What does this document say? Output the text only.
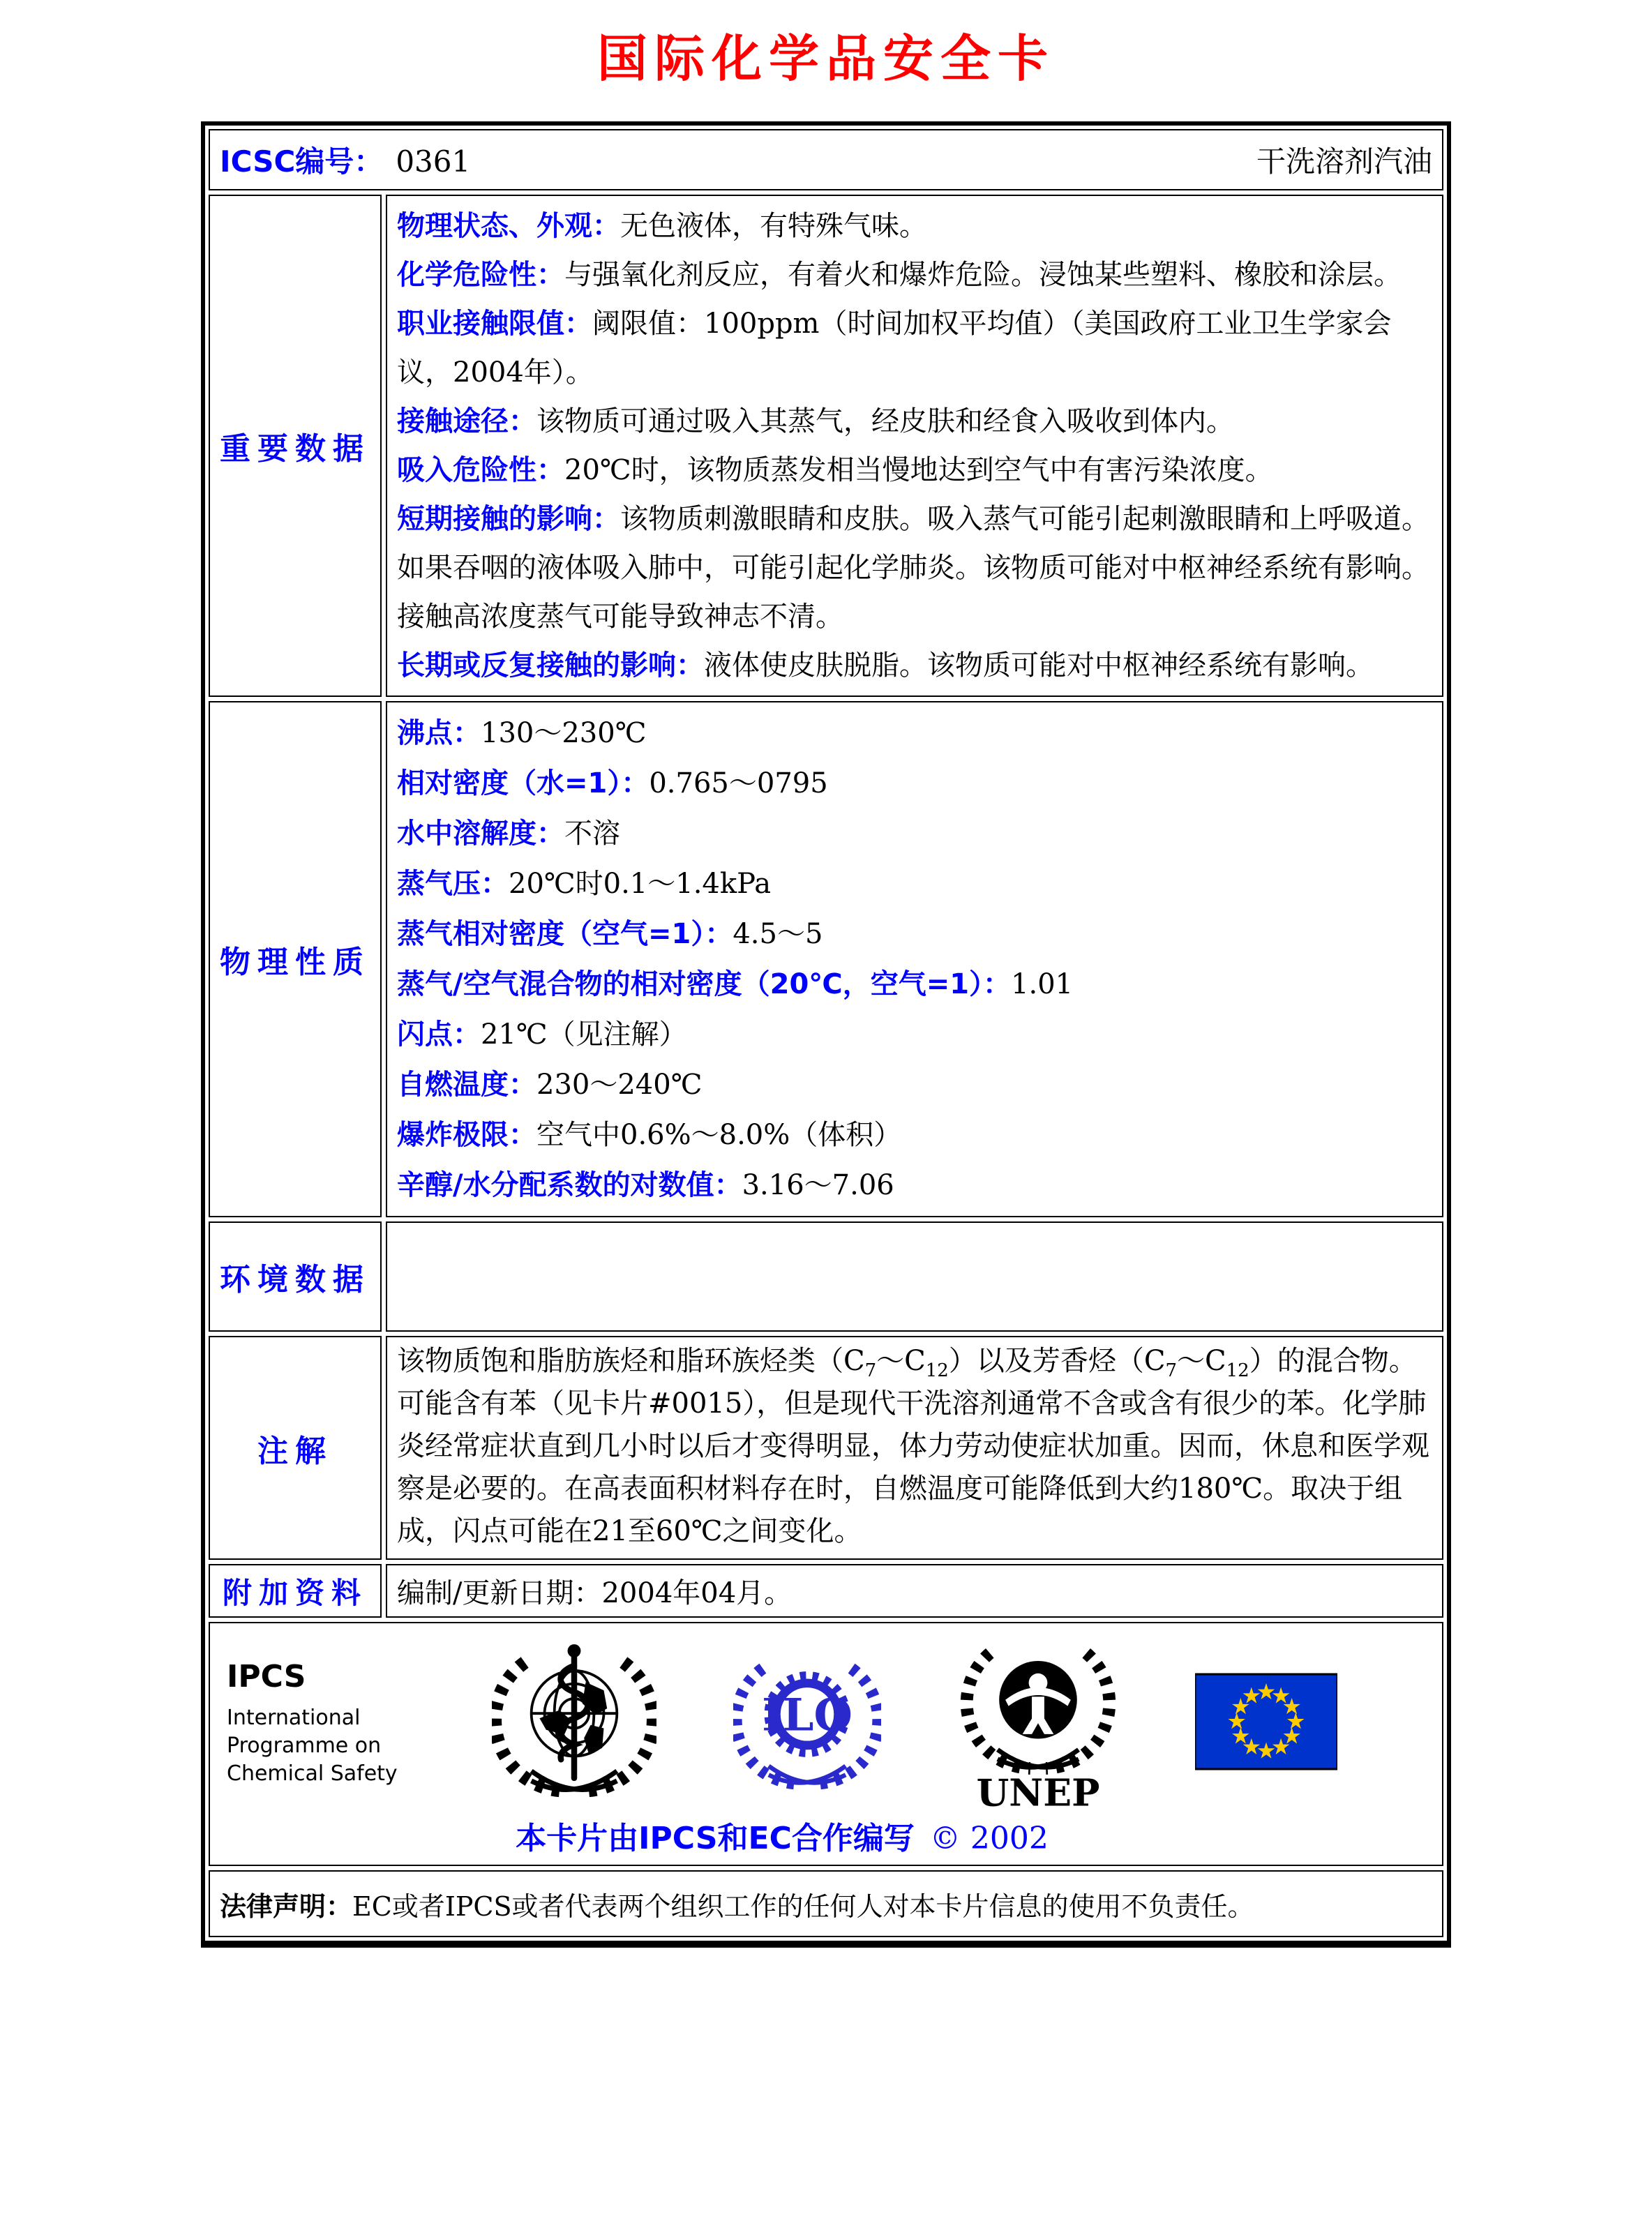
国际化学品安全卡
ICSC编号： 0361	干洗溶剂汽油
重要数据

物理状态、外观：无色液体，有特殊气味。

化学危险性：与强氧化剂反应，有着火和爆炸危险。浸蚀某些塑料、橡胶和涂层。

职业接触限值：阈限值：100ppm（时间加权平均值）（美国政府工业卫生学家会议，2004年）。

接触途径：该物质可通过吸入其蒸气，经皮肤和经食入吸收到体内。

吸入危险性：20℃时，该物质蒸发相当慢地达到空气中有害污染浓度。

短期接触的影响：该物质刺激眼睛和皮肤。吸入蒸气可能引起刺激眼睛和上呼吸道。如果吞咽的液体吸入肺中，可能引起化学肺炎。该物质可能对中枢神经系统有影响。接触高浓度蒸气可能导致神志不清。

长期或反复接触的影响：液体使皮肤脱脂。该物质可能对中枢神经系统有影响。

物理性质

沸点：130～230℃

相对密度（水=1）：0.765～0795

水中溶解度：不溶

蒸气压：20℃时0.1～1.4kPa

蒸气相对密度（空气=1）：4.5～5

蒸气/空气混合物的相对密度（20℃，空气=1）：1.01

闪点：21℃（见注解）

自燃温度：230～240℃

爆炸极限：空气中0.6%～8.0%（体积）

辛醇/水分配系数的对数值：3.16～7.06

环境数据
注解

该物质饱和脂肪族烃和脂环族烃类$(C_7\sim C_{12})$以及芳香烃$(C_7\sim C_{12})$的混合物。可能含有苯（见卡片#0015），但是现代干洗溶剂通常不含或含有很少的苯。化学肺炎经常症状直到几小时以后才变得明显，体力劳动使症状加重。因而，休息和医学观察是必要的。在高表面积材料存在时，自燃温度可能降低到大约180℃。取决于组成，闪点可能在21至60℃之间变化。

附加资料	编制/更新日期：2004年04月。
IPCS
International
Programme on
Chemical Safety
ILO
UNEP
本卡片由IPCS和EC合作编写 © 2002
法律声明：EC或者IPCS或者代表两个组织工作的任何人对本卡片信息的使用不负责任。
